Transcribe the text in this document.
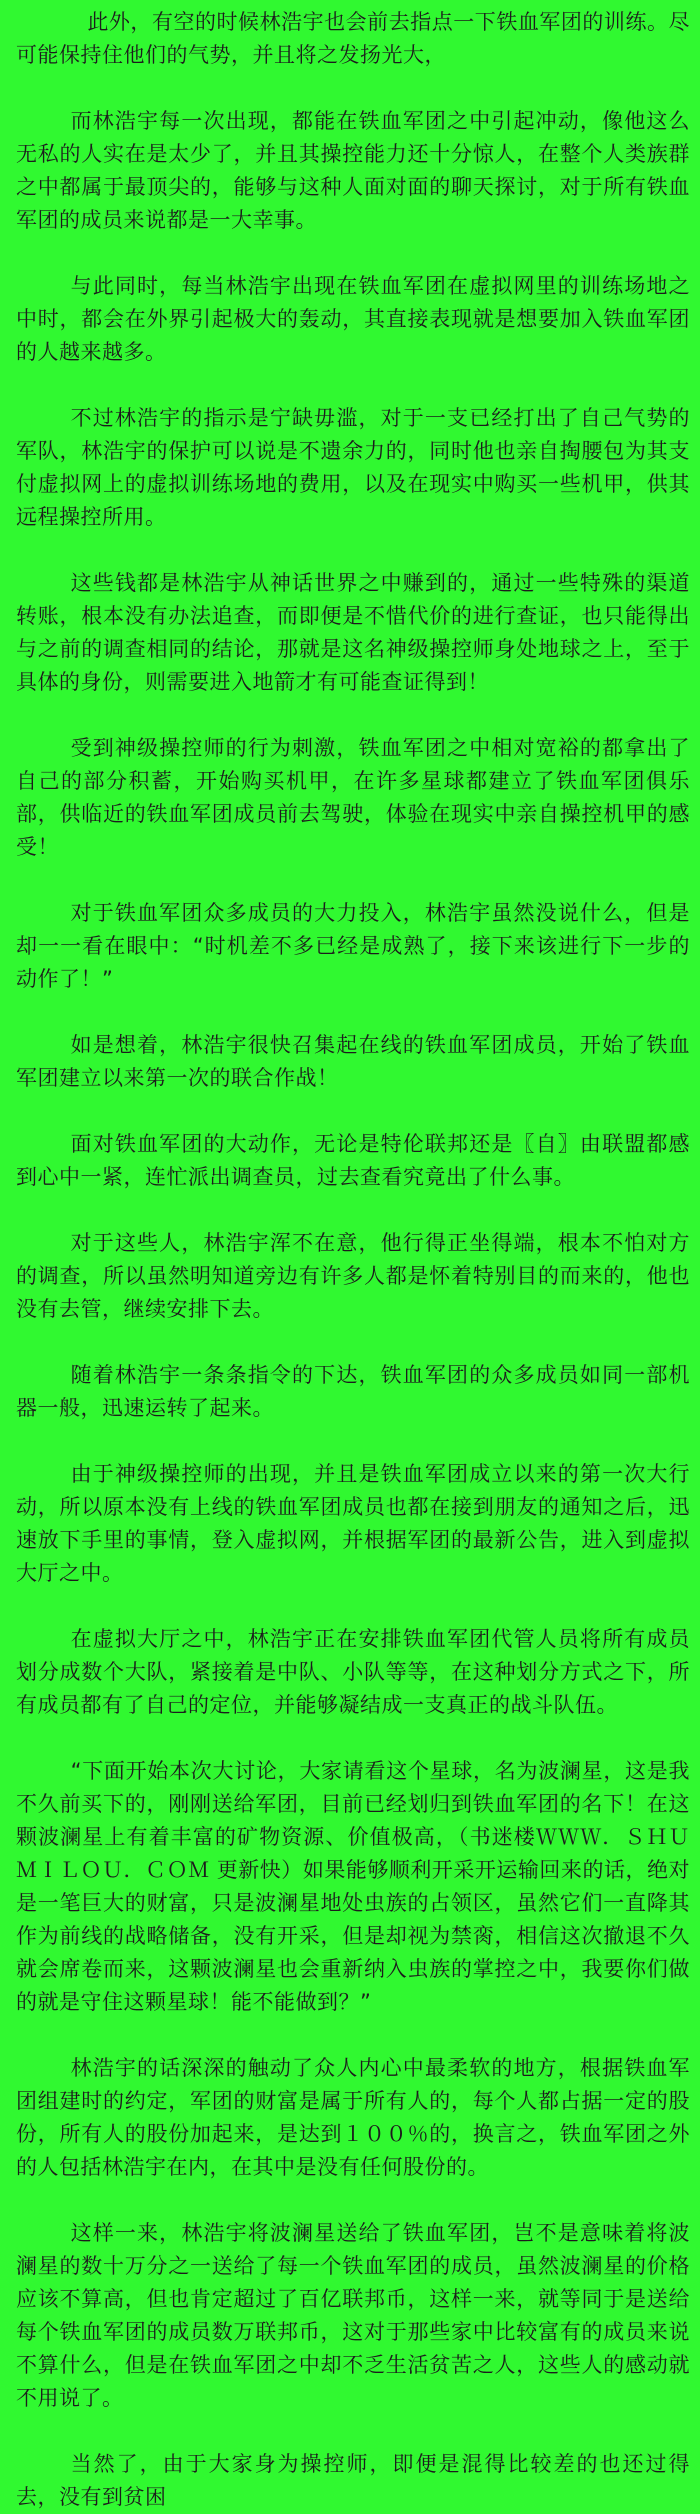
此外，有空的时候林浩宇也会前去指点一下铁血军团的训练。尽可能保持住他们的气势，并且将之发扬光大，

而林浩宇每一次出现，都能在铁血军团之中引起冲动，像他这么无私的人实在是太少了，并且其操控能力还十分惊人，在整个人类族群之中都属于最顶尖的，能够与这种人面对面的聊天探讨，对于所有铁血军团的成员来说都是一大幸事。

与此同时，每当林浩宇出现在铁血军团在虚拟网里的训练场地之中时，都会在外界引起极大的轰动，其直接表现就是想要加入铁血军团的人越来越多。

不过林浩宇的指示是宁缺毋滥，对于一支已经打出了自己气势的军队，林浩宇的保护可以说是不遗余力的，同时他也亲自掏腰包为其支付虚拟网上的虚拟训练场地的费用，以及在现实中购买一些机甲，供其远程操控所用。

这些钱都是林浩宇从神话世界之中赚到的，通过一些特殊的渠道转账，根本没有办法追查，而即便是不惜代价的进行查证，也只能得出与之前的调查相同的结论，那就是这名神级操控师身处地球之上，至于具体的身份，则需要进入地箭才有可能查证得到！

受到神级操控师的行为刺激，铁血军团之中相对宽裕的都拿出了自己的部分积蓄，开始购买机甲，在许多星球都建立了铁血军团俱乐部，供临近的铁血军团成员前去驾驶，体验在现实中亲自操控机甲的感受！

对于铁血军团众多成员的大力投入，林浩宇虽然没说什么，但是却一一看在眼中：“时机差不多已经是成熟了，接下来该进行下一步的动作了！”

如是想着，林浩宇很快召集起在线的铁血军团成员，开始了铁血军团建立以来第一次的联合作战！

面对铁血军团的大动作，无论是特伦联邦还是〖自〗由联盟都感到心中一紧，连忙派出调查员，过去查看究竟出了什么事。

对于这些人，林浩宇浑不在意，他行得正坐得端，根本不怕对方的调查，所以虽然明知道旁边有许多人都是怀着特别目的而来的，他也没有去管，继续安排下去。

随着林浩宇一条条指令的下达，铁血军团的众多成员如同一部机器一般，迅速运转了起来。

由于神级操控师的出现，并且是铁血军团成立以来的第一次大行动，所以原本没有上线的铁血军团成员也都在接到朋友的通知之后，迅速放下手里的事情，登入虚拟网，并根据军团的最新公告，进入到虚拟大厅之中。

在虚拟大厅之中，林浩宇正在安排铁血军团代管人员将所有成员划分成数个大队，紧接着是中队、小队等等，在这种划分方式之下，所有成员都有了自己的定位，并能够凝结成一支真正的战斗队伍。

“下面开始本次大讨论，大家请看这个星球，名为波澜星，这是我不久前买下的，刚刚送给军团，目前已经划归到铁血军团的名下！在这颗波澜星上有着丰富的矿物资源、价值极高，（书迷楼ＷＷＷ．ＳＨＵＭＩＬＯＵ．ＣＯＭ 更新快）如果能够顺利开采开运输回来的话，绝对是一笔巨大的财富，只是波澜星地处虫族的占领区，虽然它们一直降其作为前线的战略储备，没有开采，但是却视为禁脔，相信这次撤退不久就会席卷而来，这颗波澜星也会重新纳入虫族的掌控之中，我要你们做的就是守住这颗星球！能不能做到？”

林浩宇的话深深的触动了众人内心中最柔软的地方，根据铁血军团组建时的约定，军团的财富是属于所有人的，每个人都占据一定的股份，所有人的股份加起来，是达到１００％的，换言之，铁血军团之外的人包括林浩宇在内，在其中是没有任何股份的。

这样一来，林浩宇将波澜星送给了铁血军团，岂不是意味着将波澜星的数十万分之一送给了每一个铁血军团的成员，虽然波澜星的价格应该不算高，但也肯定超过了百亿联邦币，这样一来，就等同于是送给每个铁血军团的成员数万联邦币，这对于那些家中比较富有的成员来说不算什么，但是在铁血军团之中却不乏生活贫苦之人，这些人的感动就不用说了。

当然了，由于大家身为操控师，即便是混得比较差的也还过得去，没有到贫困
